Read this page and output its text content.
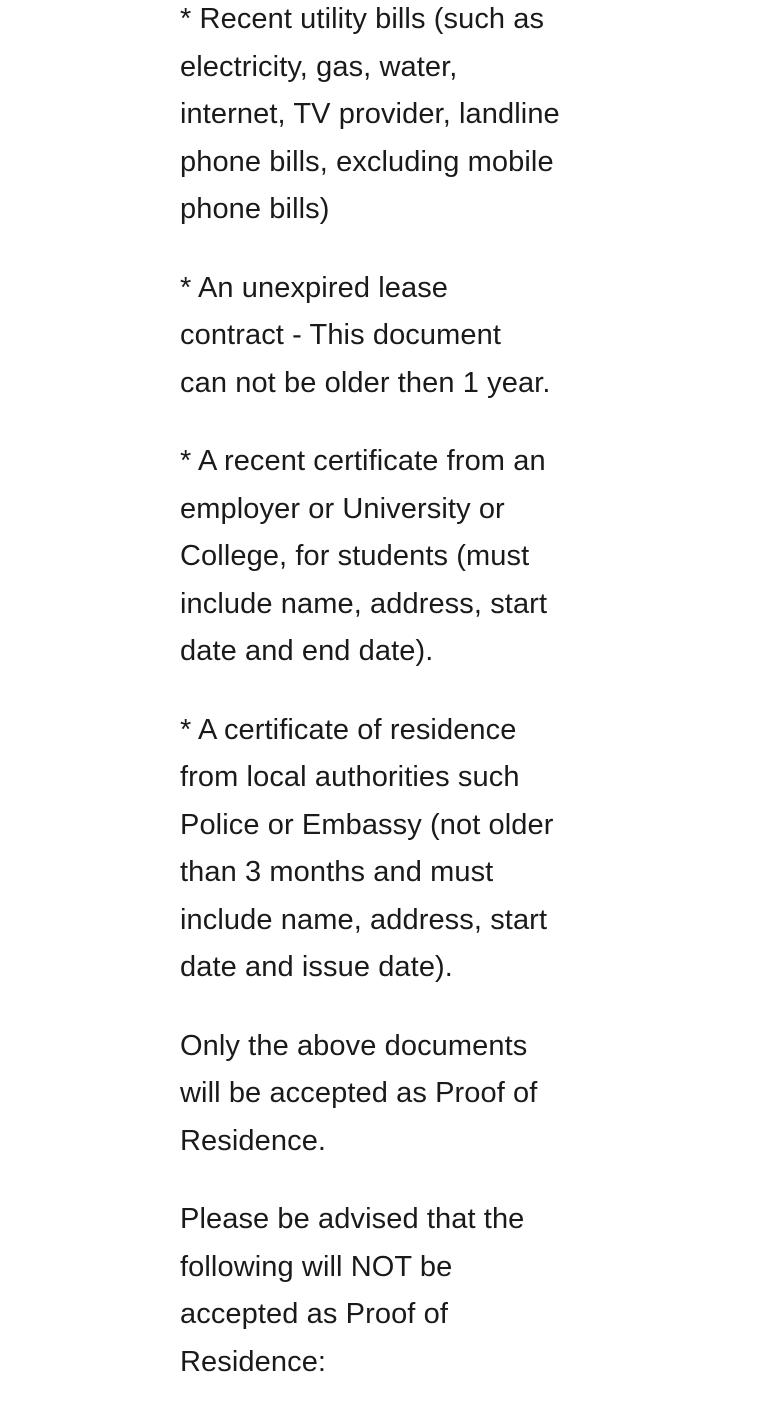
* Recent utility bills (such as
electricity, gas, water,
internet, TV provider, landline
phone bills, excluding mobile
phone bills)

* An unexpired lease
contract - This document
can not be older then 1 year.

* A recent certificate from an
employer or University or
College, for students (must
include name, address, start
date and end date).

* A certificate of residence
from local authorities such
Police or Embassy (not older
than 3 months and must
include name, address, start
date and issue date).

Only the above documents
will be accepted as Proof of
Residence.

Please be advised that the
following will NOT be
accepted as Proof of
Residence:
